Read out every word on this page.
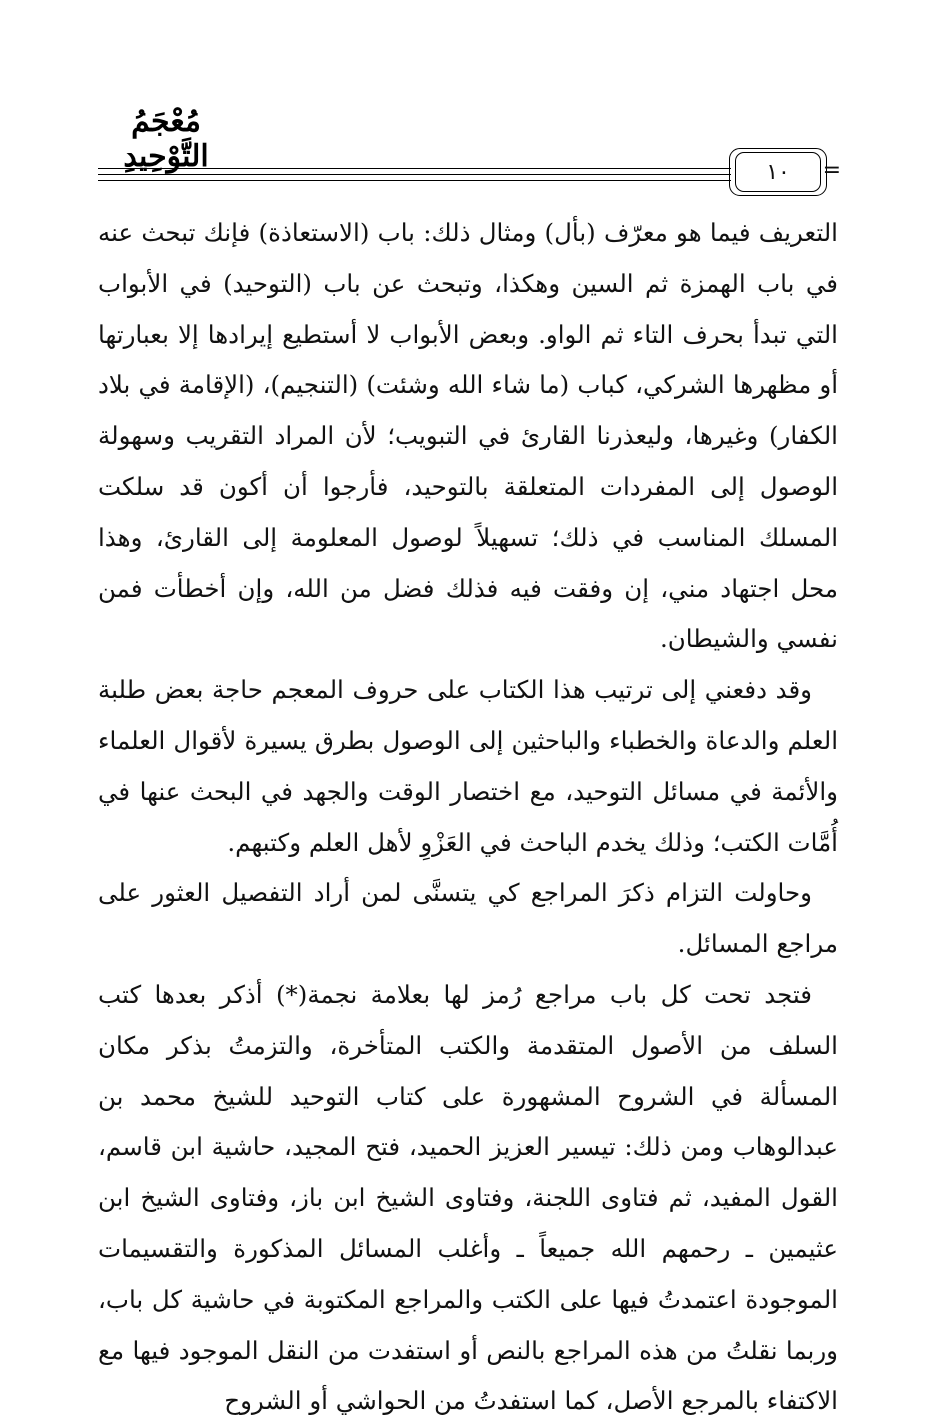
مُعْجَمُ التَّوْحِيدِ	١٠	=

التعريف فيما هو معرّف (بأل) ومثال ذلك: باب (الاستعاذة) فإنك تبحث عنه في باب الهمزة ثم السين وهكذا، وتبحث عن باب (التوحيد) في الأبواب التي تبدأ بحرف التاء ثم الواو. وبعض الأبواب لا أستطيع إيرادها إلا بعبارتها أو مظهرها الشركي، كباب (ما شاء الله وشئت) (التنجيم)، (الإقامة في بلاد الكفار) وغيرها، وليعذرنا القارئ في التبويب؛ لأن المراد التقريب وسهولة الوصول إلى المفردات المتعلقة بالتوحيد، فأرجوا أن أكون قد سلكت المسلك المناسب في ذلك؛ تسهيلاً لوصول المعلومة إلى القارئ، وهذا محل اجتهاد مني، إن وفقت فيه فذلك فضل من الله، وإن أخطأت فمن نفسي والشيطان.

وقد دفعني إلى ترتيب هذا الكتاب على حروف المعجم حاجة بعض طلبة العلم والدعاة والخطباء والباحثين إلى الوصول بطرق يسيرة لأقوال العلماء والأئمة في مسائل التوحيد، مع اختصار الوقت والجهد في البحث عنها في أُمَّات الكتب؛ وذلك يخدم الباحث في العَزْوِ لأهل العلم وكتبهم.

وحاولت التزام ذكرَ المراجع كي يتسنَّى لمن أراد التفصيل العثور على مراجع المسائل.

فتجد تحت كل باب مراجع رُمز لها بعلامة نجمة(*) أذكر بعدها كتب السلف من الأصول المتقدمة والكتب المتأخرة، والتزمتُ بذكر مكان المسألة في الشروح المشهورة على كتاب التوحيد للشيخ محمد بن عبدالوهاب ومن ذلك: تيسير العزيز الحميد، فتح المجيد، حاشية ابن قاسم، القول المفيد، ثم فتاوى اللجنة، وفتاوى الشيخ ابن باز، وفتاوى الشيخ ابن عثيمين ـ رحمهم الله جميعاً ـ وأغلب المسائل المذكورة والتقسيمات الموجودة اعتمدتُ فيها على الكتب والمراجع المكتوبة في حاشية كل باب، وربما نقلتُ من هذه المراجع بالنص أو استفدت من النقل الموجود فيها مع الاكتفاء بالمرجع الأصل، كما استفدتُ من الحواشي أو الشروح
